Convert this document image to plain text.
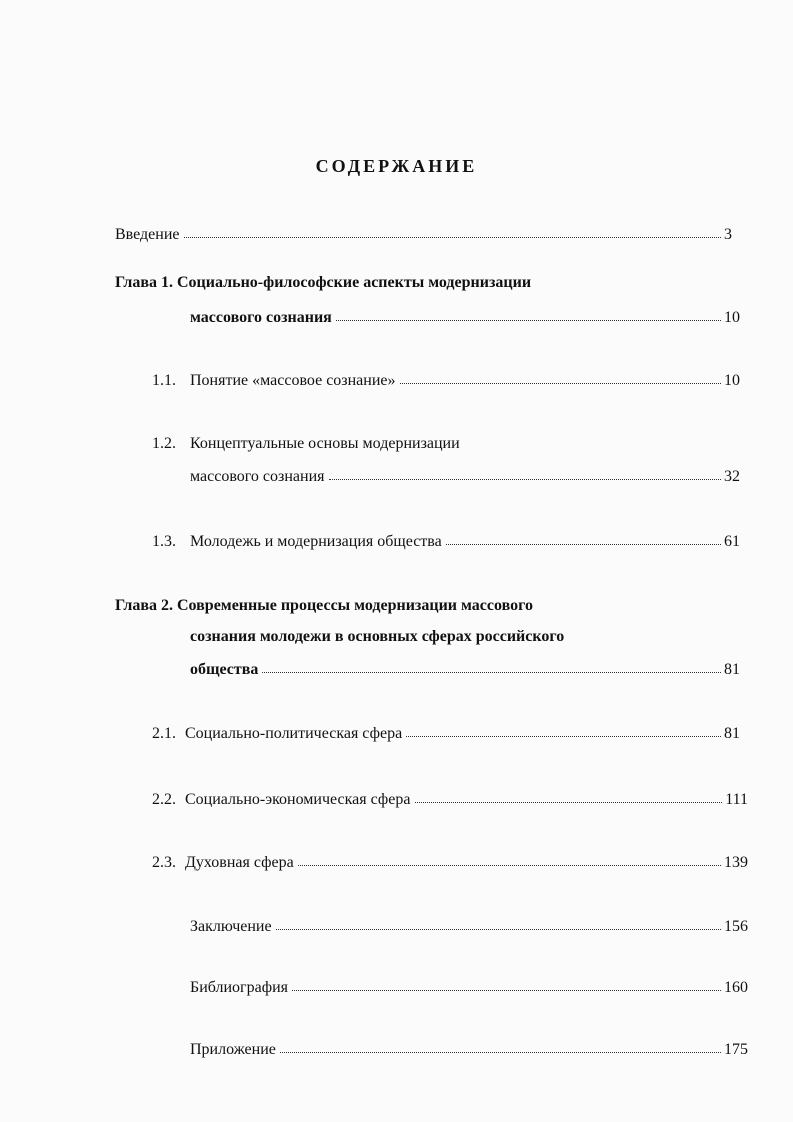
СОДЕРЖАНИЕ
Введение	3
Глава 1. Социально-философские аспекты модернизации
массового сознания	10
1.1. Понятие «массовое сознание»	10
1.2. Концептуальные основы модернизации
массового сознания	32
1.3. Молодежь и модернизация общества	61
Глава 2. Современные процессы модернизации массового
сознания молодежи в основных сферах российского
общества	81
2.1. Социально-политическая сфера	81
2.2. Социально-экономическая сфера	111
2.3. Духовная сфера	139
Заключение	156
Библиография	160
Приложение	175
